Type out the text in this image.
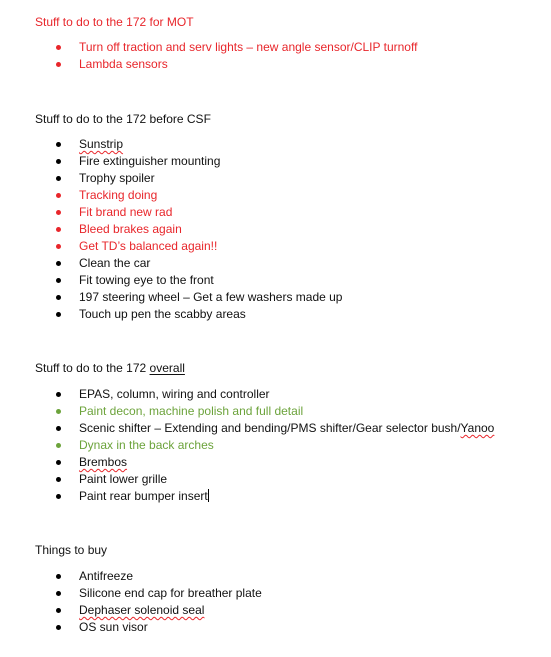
Stuff to do to the 172 for MOT
Turn off traction and serv lights – new angle sensor/CLIP turnoff
Lambda sensors
Stuff to do to the 172 before CSF
Sunstrip
Fire extinguisher mounting
Trophy spoiler
Tracking doing
Fit brand new rad
Bleed brakes again
Get TD’s balanced again!!
Clean the car
Fit towing eye to the front
197 steering wheel – Get a few washers made up
Touch up pen the scabby areas
Stuff to do to the 172 overall
EPAS, column, wiring and controller
Paint decon, machine polish and full detail
Scenic shifter – Extending and bending/PMS shifter/Gear selector bush/Yanoo
Dynax in the back arches
Brembos
Paint lower grille
Paint rear bumper insert
Things to buy
Antifreeze
Silicone end cap for breather plate
Dephaser solenoid seal
OS sun visor
